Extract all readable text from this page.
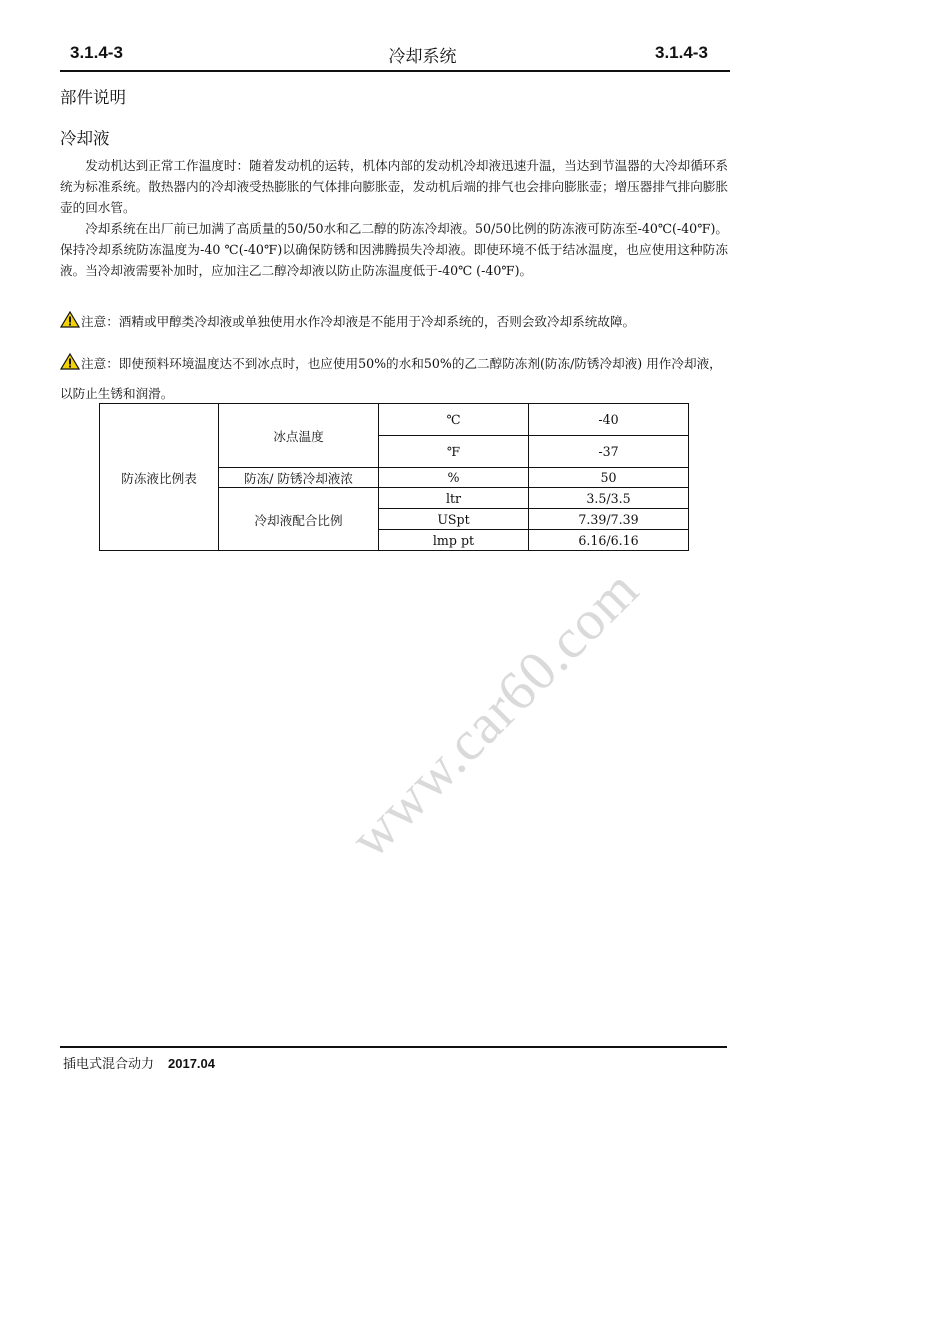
3.1.4-3	冷却系统	3.1.4-3
部件说明
冷却液

发动机达到正常工作温度时：随着发动机的运转，机体内部的发动机冷却液迅速升温，当达到节温器的大冷却循环系统为标准系统。散热器内的冷却液受热膨胀的气体排向膨胀壶，发动机后端的排气也会排向膨胀壶；增压器排气排向膨胀壶的回水管。

冷却系统在出厂前已加满了高质量的50/50水和乙二醇的防冻冷却液。50/50比例的防冻液可防冻至-40℃(-40℉)。保持冷却系统防冻温度为-40 ℃(-40℉)以确保防锈和因沸腾损失冷却液。即使环境不低于结冰温度，也应使用这种防冻液。当冷却液需要补加时，应加注乙二醇冷却液以防止防冻温度低于-40℃ (-40℉)。

注意：酒精或甲醇类冷却液或单独使用水作冷却液是不能用于冷却系统的，否则会致冷却系统故障。

注意：即使预料环境温度达不到冰点时，也应使用50%的水和50%的乙二醇防冻剂(防冻/防锈冷却液) 用作冷却液，以防止生锈和润滑。

防冻液比例表	冰点温度	℃	-40
		℉	-37
	防冻/ 防锈冷却液浓	%	50
	冷却液配合比例	ltr	3.5/3.5
		USpt	7.39/7.39
		lmp pt	6.16/6.16
www.car60.com
插电式混合动力 2017.04
